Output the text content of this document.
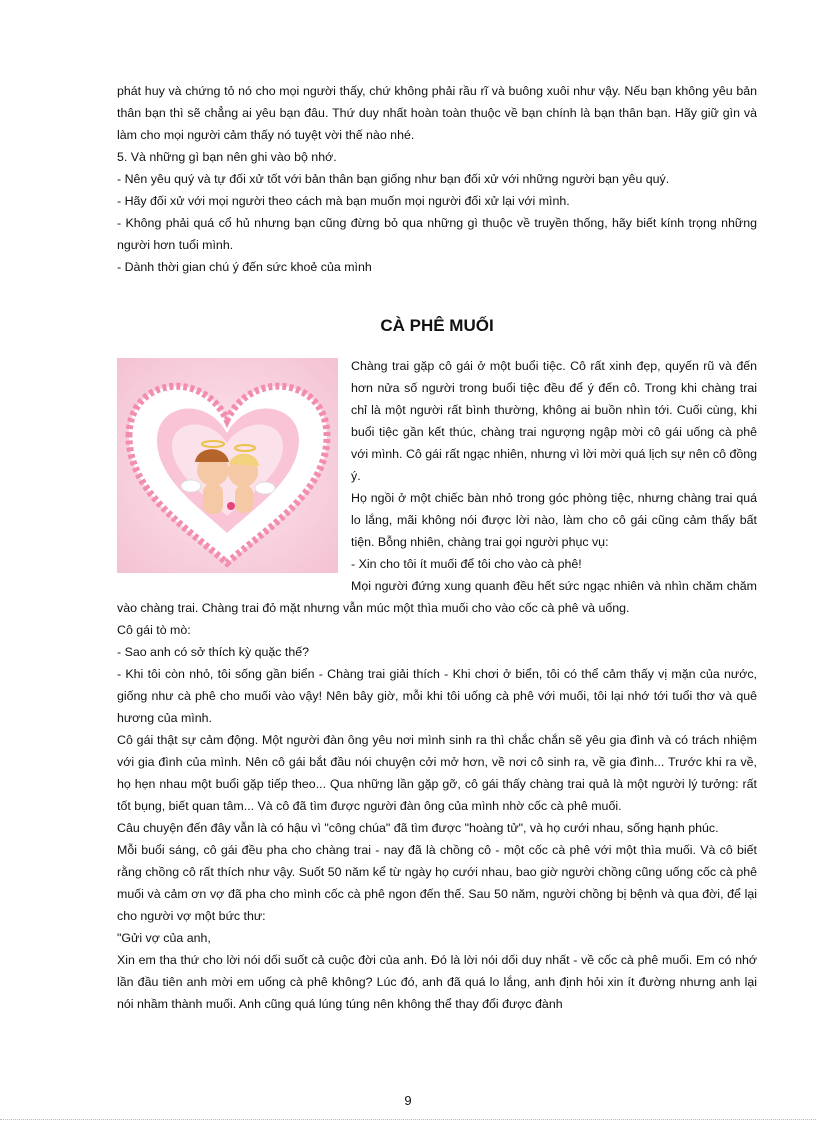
phát huy và chứng tỏ nó cho mọi người thấy, chứ không phải rầu rĩ và buông xuôi như vậy. Nếu bạn không yêu bản thân bạn thì sẽ chẳng ai yêu bạn đâu. Thứ duy nhất hoàn toàn thuộc về bạn chính là bạn thân bạn. Hãy giữ gìn và làm cho mọi người cảm thấy nó tuyệt vời thế nào nhé.

5. Và những gì bạn nên ghi vào bộ nhớ.

- Nên yêu quý và tự đối xử tốt với bản thân bạn giống như bạn đối xử với những người bạn yêu quý.

- Hãy đối xử với mọi người theo cách mà bạn muốn mọi người đối xử lại với mình.

- Không phải quá cổ hủ nhưng bạn cũng đừng bỏ qua những gì thuộc về truyền thống, hãy biết kính trọng những người hơn tuổi mình.

- Dành thời gian chú ý đến sức khoẻ của mình

CÀ PHÊ MUỐI

Chàng trai gặp cô gái ở một buổi tiệc. Cô rất xinh đẹp, quyến rũ và đến hơn nửa số người trong buổi tiệc đều để ý đến cô. Trong khi chàng trai chỉ là một người rất bình thường, không ai buồn nhìn tới. Cuối cùng, khi buổi tiệc gần kết thúc, chàng trai ngượng ngập mời cô gái uống cà phê với mình. Cô gái rất ngạc nhiên, nhưng vì lời mời quá lịch sự nên cô đồng ý.

Họ ngồi ở một chiếc bàn nhỏ trong góc phòng tiệc, nhưng chàng trai quá lo lắng, mãi không nói được lời nào, làm cho cô gái cũng cảm thấy bất tiện. Bỗng nhiên, chàng trai gọi người phục vụ:

- Xin cho tôi ít muối để tôi cho vào cà phê!

Mọi người đứng xung quanh đều hết sức ngạc nhiên và nhìn chăm chăm vào chàng trai. Chàng trai đỏ mặt nhưng vẫn múc một thìa muối cho vào cốc cà phê và uống.

Cô gái tò mò:

- Sao anh có sở thích kỳ quặc thế?

- Khi tôi còn nhỏ, tôi sống gần biển - Chàng trai giải thích - Khi chơi ở biển, tôi có thể cảm thấy vị mặn của nước, giống như cà phê cho muối vào vậy! Nên bây giờ, mỗi khi tôi uống cà phê với muối, tôi lại nhớ tới tuổi thơ và quê hương của mình.

Cô gái thật sự cảm động. Một người đàn ông yêu nơi mình sinh ra thì chắc chắn sẽ yêu gia đình và có trách nhiệm với gia đình của mình. Nên cô gái bắt đầu nói chuyện cởi mở hơn, về nơi cô sinh ra, về gia đình... Trước khi ra về, họ hẹn nhau một buổi gặp tiếp theo... Qua những lần gặp gỡ, cô gái thấy chàng trai quả là một người lý tưởng: rất tốt bụng, biết quan tâm... Và cô đã tìm được người đàn ông của mình nhờ cốc cà phê muối.

Câu chuyện đến đây vẫn là có hậu vì "công chúa" đã tìm được "hoàng tử", và họ cưới nhau, sống hạnh phúc.

Mỗi buổi sáng, cô gái đều pha cho chàng trai - nay đã là chồng cô - một cốc cà phê với một thìa muối. Và cô biết rằng chồng cô rất thích như vậy. Suốt 50 năm kể từ ngày họ cưới nhau, bao giờ người chồng cũng uống cốc cà phê muối và cảm ơn vợ đã pha cho mình cốc cà phê ngon đến thế. Sau 50 năm, người chồng bị bệnh và qua đời, để lại cho người vợ một bức thư:

"Gửi vợ của anh,

Xin em tha thứ cho lời nói dối suốt cả cuộc đời của anh. Đó là lời nói dối duy nhất - về cốc cà phê muối. Em có nhớ lần đầu tiên anh mời em uống cà phê không? Lúc đó, anh đã quá lo lắng, anh định hỏi xin ít đường nhưng anh lại nói nhầm thành muối. Anh cũng quá lúng túng nên không thể thay đổi được đành

9
